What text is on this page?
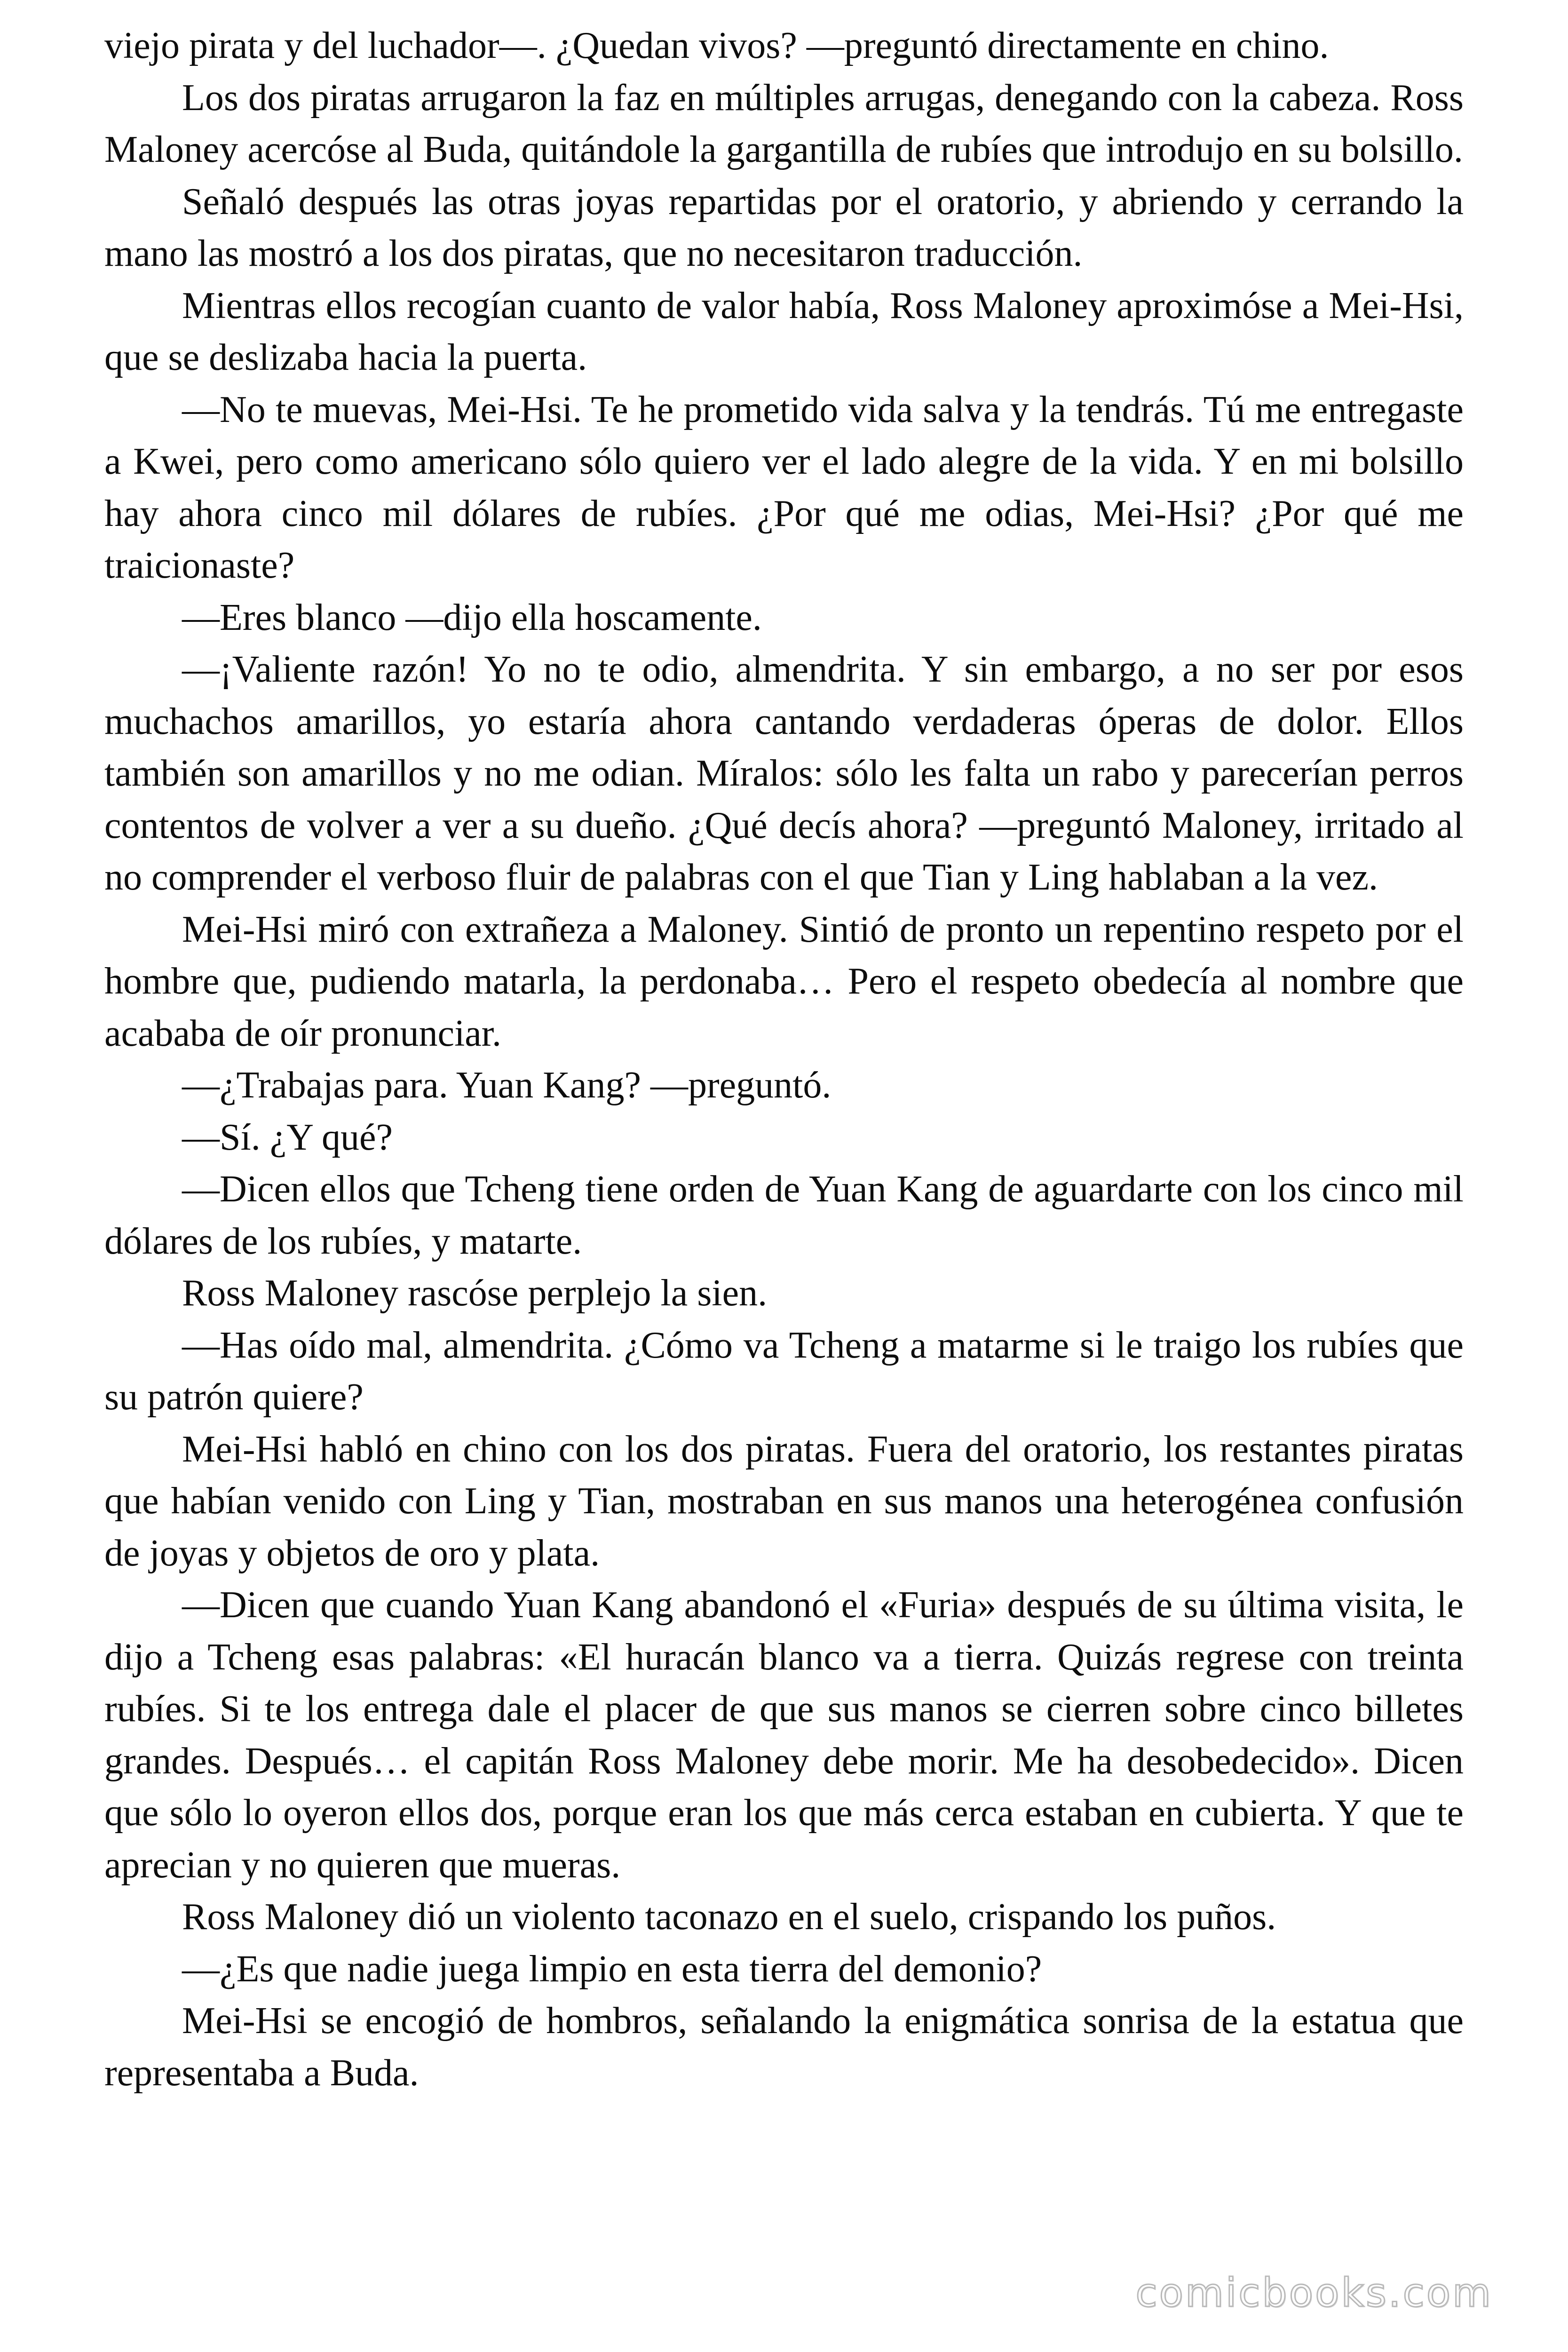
viejo pirata y del luchador—. ¿Quedan vivos? —preguntó directamente en chino.

Los dos piratas arrugaron la faz en múltiples arrugas, denegando con la cabeza. Ross Maloney acercóse al Buda, quitándole la gargantilla de rubíes que introdujo en su bolsillo.

Señaló después las otras joyas repartidas por el oratorio, y abriendo y cerrando la mano las mostró a los dos piratas, que no necesitaron traducción.

Mientras ellos recogían cuanto de valor había, Ross Maloney aproximóse a Mei-Hsi, que se deslizaba hacia la puerta.

—No te muevas, Mei-Hsi. Te he prometido vida salva y la tendrás. Tú me entregaste a Kwei, pero como americano sólo quiero ver el lado alegre de la vida. Y en mi bolsillo hay ahora cinco mil dólares de rubíes. ¿Por qué me odias, Mei-Hsi? ¿Por qué me traicionaste?

—Eres blanco —dijo ella hoscamente.

—¡Valiente razón! Yo no te odio, almendrita. Y sin embargo, a no ser por esos muchachos amarillos, yo estaría ahora cantando verdaderas óperas de dolor. Ellos también son amarillos y no me odian. Míralos: sólo les falta un rabo y parecerían perros contentos de volver a ver a su dueño. ¿Qué decís ahora? —preguntó Maloney, irritado al no comprender el verboso fluir de palabras con el que Tian y Ling hablaban a la vez.

Mei-Hsi miró con extrañeza a Maloney. Sintió de pronto un repentino respeto por el hombre que, pudiendo matarla, la perdonaba… Pero el respeto obedecía al nombre que acababa de oír pronunciar.

—¿Trabajas para. Yuan Kang? —preguntó.

—Sí. ¿Y qué?

—Dicen ellos que Tcheng tiene orden de Yuan Kang de aguardarte con los cinco mil dólares de los rubíes, y matarte.

Ross Maloney rascóse perplejo la sien.

—Has oído mal, almendrita. ¿Cómo va Tcheng a matarme si le traigo los rubíes que su patrón quiere?

Mei-Hsi habló en chino con los dos piratas. Fuera del oratorio, los restantes piratas que habían venido con Ling y Tian, mostraban en sus manos una heterogénea confusión de joyas y objetos de oro y plata.

—Dicen que cuando Yuan Kang abandonó el «Furia» después de su última visita, le dijo a Tcheng esas palabras: «El huracán blanco va a tierra. Quizás regrese con treinta rubíes. Si te los entrega dale el placer de que sus manos se cierren sobre cinco billetes grandes. Después… el capitán Ross Maloney debe morir. Me ha desobedecido». Dicen que sólo lo oyeron ellos dos, porque eran los que más cerca estaban en cubierta. Y que te aprecian y no quieren que mueras.

Ross Maloney dió un violento taconazo en el suelo, crispando los puños.

—¿Es que nadie juega limpio en esta tierra del demonio?

Mei-Hsi se encogió de hombros, señalando la enigmática sonrisa de la estatua que representaba a Buda.

comicbooks.com
